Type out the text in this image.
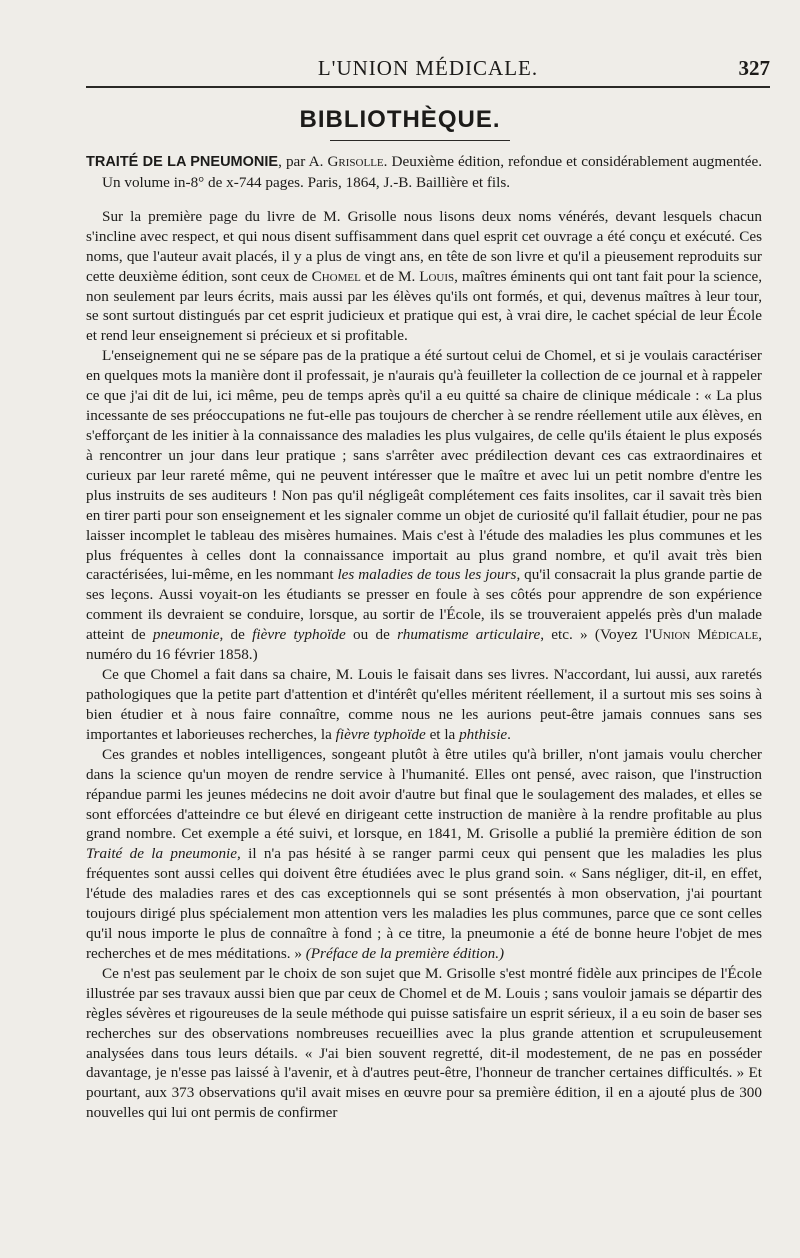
L'UNION MÉDICALE.	327
BIBLIOTHÈQUE.

TRAITÉ DE LA PNEUMONIE, par A. Grisolle. Deuxième édition, refondue et considérablement augmentée. Un volume in-8° de x-744 pages. Paris, 1864, J.-B. Baillière et fils.

Sur la première page du livre de M. Grisolle nous lisons deux noms vénérés, devant lesquels chacun s'incline avec respect, et qui nous disent suffisamment dans quel esprit cet ouvrage a été conçu et exécuté. Ces noms, que l'auteur avait placés, il y a plus de vingt ans, en tête de son livre et qu'il a pieusement reproduits sur cette deuxième édition, sont ceux de Chomel et de M. Louis, maîtres éminents qui ont tant fait pour la science, non seulement par leurs écrits, mais aussi par les élèves qu'ils ont formés, et qui, devenus maîtres à leur tour, se sont surtout distingués par cet esprit judicieux et pratique qui est, à vrai dire, le cachet spécial de leur École et rend leur enseignement si précieux et si profitable.

L'enseignement qui ne se sépare pas de la pratique a été surtout celui de Chomel, et si je voulais caractériser en quelques mots la manière dont il professait, je n'aurais qu'à feuilleter la collection de ce journal et à rappeler ce que j'ai dit de lui, ici même, peu de temps après qu'il a eu quitté sa chaire de clinique médicale : « La plus incessante de ses préoccupations ne fut-elle pas toujours de chercher à se rendre réellement utile aux élèves, en s'efforçant de les initier à la connaissance des maladies les plus vulgaires, de celle qu'ils étaient le plus exposés à rencontrer un jour dans leur pratique ; sans s'arrêter avec prédilection devant ces cas extraordinaires et curieux par leur rareté même, qui ne peuvent intéresser que le maître et avec lui un petit nombre d'entre les plus instruits de ses auditeurs ! Non pas qu'il négligeât complétement ces faits insolites, car il savait très bien en tirer parti pour son enseignement et les signaler comme un objet de curiosité qu'il fallait étudier, pour ne pas laisser incomplet le tableau des misères humaines. Mais c'est à l'étude des maladies les plus communes et les plus fréquentes à celles dont la connaissance importait au plus grand nombre, et qu'il avait très bien caractérisées, lui-même, en les nommant les maladies de tous les jours, qu'il consacrait la plus grande partie de ses leçons. Aussi voyait-on les étudiants se presser en foule à ses côtés pour apprendre de son expérience comment ils devraient se conduire, lorsque, au sortir de l'École, ils se trouveraient appelés près d'un malade atteint de pneumonie, de fièvre typhoïde ou de rhumatisme articulaire, etc. » (Voyez l'Union Médicale, numéro du 16 février 1858.)

Ce que Chomel a fait dans sa chaire, M. Louis le faisait dans ses livres. N'accordant, lui aussi, aux raretés pathologiques que la petite part d'attention et d'intérêt qu'elles méritent réellement, il a surtout mis ses soins à bien étudier et à nous faire connaître, comme nous ne les aurions peut-être jamais connues sans ses importantes et laborieuses recherches, la fièvre typhoïde et la phthisie.

Ces grandes et nobles intelligences, songeant plutôt à être utiles qu'à briller, n'ont jamais voulu chercher dans la science qu'un moyen de rendre service à l'humanité. Elles ont pensé, avec raison, que l'instruction répandue parmi les jeunes médecins ne doit avoir d'autre but final que le soulagement des malades, et elles se sont efforcées d'atteindre ce but élevé en dirigeant cette instruction de manière à la rendre profitable au plus grand nombre. Cet exemple a été suivi, et lorsque, en 1841, M. Grisolle a publié la première édition de son Traité de la pneumonie, il n'a pas hésité à se ranger parmi ceux qui pensent que les maladies les plus fréquentes sont aussi celles qui doivent être étudiées avec le plus grand soin. « Sans négliger, dit-il, en effet, l'étude des maladies rares et des cas exceptionnels qui se sont présentés à mon observation, j'ai pourtant toujours dirigé plus spécialement mon attention vers les maladies les plus communes, parce que ce sont celles qu'il nous importe le plus de connaître à fond ; à ce titre, la pneumonie a été de bonne heure l'objet de mes recherches et de mes méditations. » (Préface de la première édition.)

Ce n'est pas seulement par le choix de son sujet que M. Grisolle s'est montré fidèle aux principes de l'École illustrée par ses travaux aussi bien que par ceux de Chomel et de M. Louis ; sans vouloir jamais se départir des règles sévères et rigoureuses de la seule méthode qui puisse satisfaire un esprit sérieux, il a eu soin de baser ses recherches sur des observations nombreuses recueillies avec la plus grande attention et scrupuleusement analysées dans tous leurs détails. « J'ai bien souvent regretté, dit-il modestement, de ne pas en posséder davantage, je n'esse pas laissé à l'avenir, et à d'autres peut-être, l'honneur de trancher certaines difficultés. » Et pourtant, aux 373 observations qu'il avait mises en œuvre pour sa première édition, il en a ajouté plus de 300 nouvelles qui lui ont permis de confirmer
